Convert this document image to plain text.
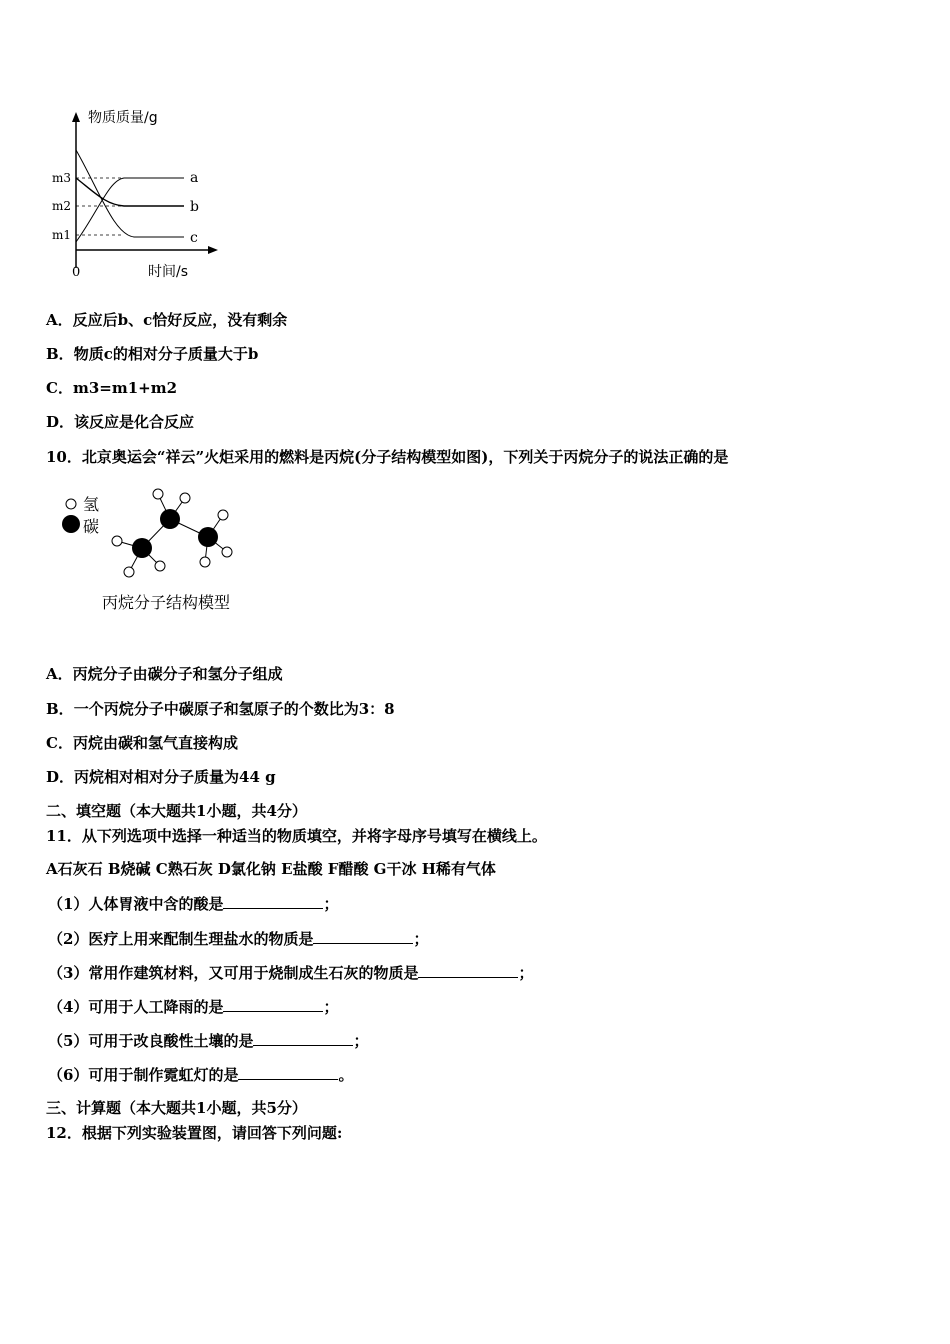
物质质量/g
时间/s
0
m3
m2
m1
a
b
c
A．反应后b、c恰好反应，没有剩余
B．物质c的相对分子质量大于b
C．m3=m1+m2
D．该反应是化合反应
10．北京奥运会“祥云”火炬采用的燃料是丙烷(分子结构模型如图)，下列关于丙烷分子的说法正确的是
氢
碳
丙烷分子结构模型
A．丙烷分子由碳分子和氢分子组成
B．一个丙烷分子中碳原子和氢原子的个数比为3：8
C．丙烷由碳和氢气直接构成
D．丙烷相对相对分子质量为44 g
二、填空题（本大题共1小题，共4分）
11．从下列选项中选择一种适当的物质填空，并将字母序号填写在横线上。
A石灰石 B烧碱 C熟石灰 D氯化钠 E盐酸 F醋酸 G干冰 H稀有气体
（1）人体胃液中含的酸是	；
（2）医疗上用来配制生理盐水的物质是	；
（3）常用作建筑材料，又可用于烧制成生石灰的物质是	；
（4）可用于人工降雨的是	；
（5）可用于改良酸性土壤的是	；
（6）可用于制作霓虹灯的是	。
三、计算题（本大题共1小题，共5分）
12．根据下列实验装置图，请回答下列问题:
